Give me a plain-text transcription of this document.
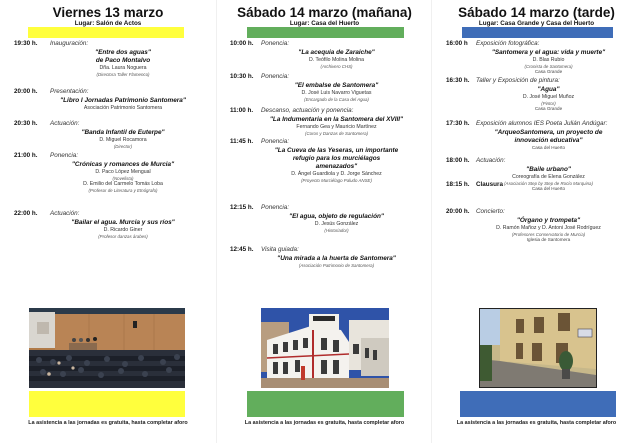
Viernes 13 marzo
Lugar: Salón de Actos
19:30 h. Inauguración:
"Entre dos aguas"
de Paco Montalvo
Dña. Laura Noguera
(Directora Taller Flamenco)
20:00 h. Presentación:
"Libro I Jornadas Patrimonio Santomera"
Asociación Patrimonio Santomera
20:30 h. Actuación:
"Banda Infantil de Euterpe"
D. Miguel Rocamora
(Director)
21:00 h. Ponencia:
"Crónicas y romances de Murcia"
D. Paco López Mengual
(Novelista)
D. Emilio del Carmelo Tomás Loba
(Profesor de Literatura y Etnógrafo)
22:00 h. Actuación:
"Bailar el agua. Murcia y sus ríos"
D. Ricardo Giner
(Profesor danzas árabes)
La asistencia a las jornadas es gratuita, hasta completar aforo
Sábado 14 marzo (mañana)
Lugar: Casa del Huerto
10:00 h. Ponencia:
"La acequia de Zaraiche"
D. Teófilo Molina Molina
(Archivero CHS)
10:30 h. Ponencia:
"El embalse de Santomera"
D. José Luis Navarro Viguetas
(Encargado de la Casa del Agua)
11:00 h. Descanso, actuación y ponencia:
"La Indumentaria en la Santomera del XVIII"
Fernando Gea y Mauricio Martínez
(Coros y Danzas de Santomera)
11:45 h. Ponencia:
"La Cueva de las Yeseras, un importante
refugio para los murciélagos
amenazados"
D. Ángel Guardiola y D. Jorge Sánchez
(Proyecto Murciélago Paludo ANSE)
12:15 h. Ponencia:
"El agua, objeto de regulación"
D. Jesús González
(Historiador)
12:45 h. Visita guiada:
"Una mirada a la huerta de Santomera"
(Asociación Patrimonio de Santomera)
La asistencia a las jornadas es gratuita, hasta completar aforo
Sábado 14 marzo (tarde)
Lugar: Casa Grande y Casa del Huerto
16:00 h Exposición fotográfica:
"Santomera y el agua: vida y muerte"
D. Blas Rubio
(Cronista de Santomera)
Casa Grande
16:30 h. Taller y Exposición de pintura:
"Agua"
D. José Miguel Muñoz
(Pintor)
Casa Grande
17:30 h. Exposición alumnos IES Poeta Julián Andúgar:
"ArqueoSantomera, un proyecto de
innovación educativa"
Casa del Huerto
18:00 h. Actuación:
"Baile urbano"
Coreografía de Elena González
(Asociación Step by Step de Rocío Marquina)
Casa del Huerto
18:15 h. Clausura
20:00 h. Concierto:
"Órgano y trompeta"
D. Ramón Mañoz y D. Antoni José Rodríguez
(Profesores Conservatorio de Murcia)
Iglesia de Santomera
La asistencia a las jornadas es gratuita, hasta completar aforo
